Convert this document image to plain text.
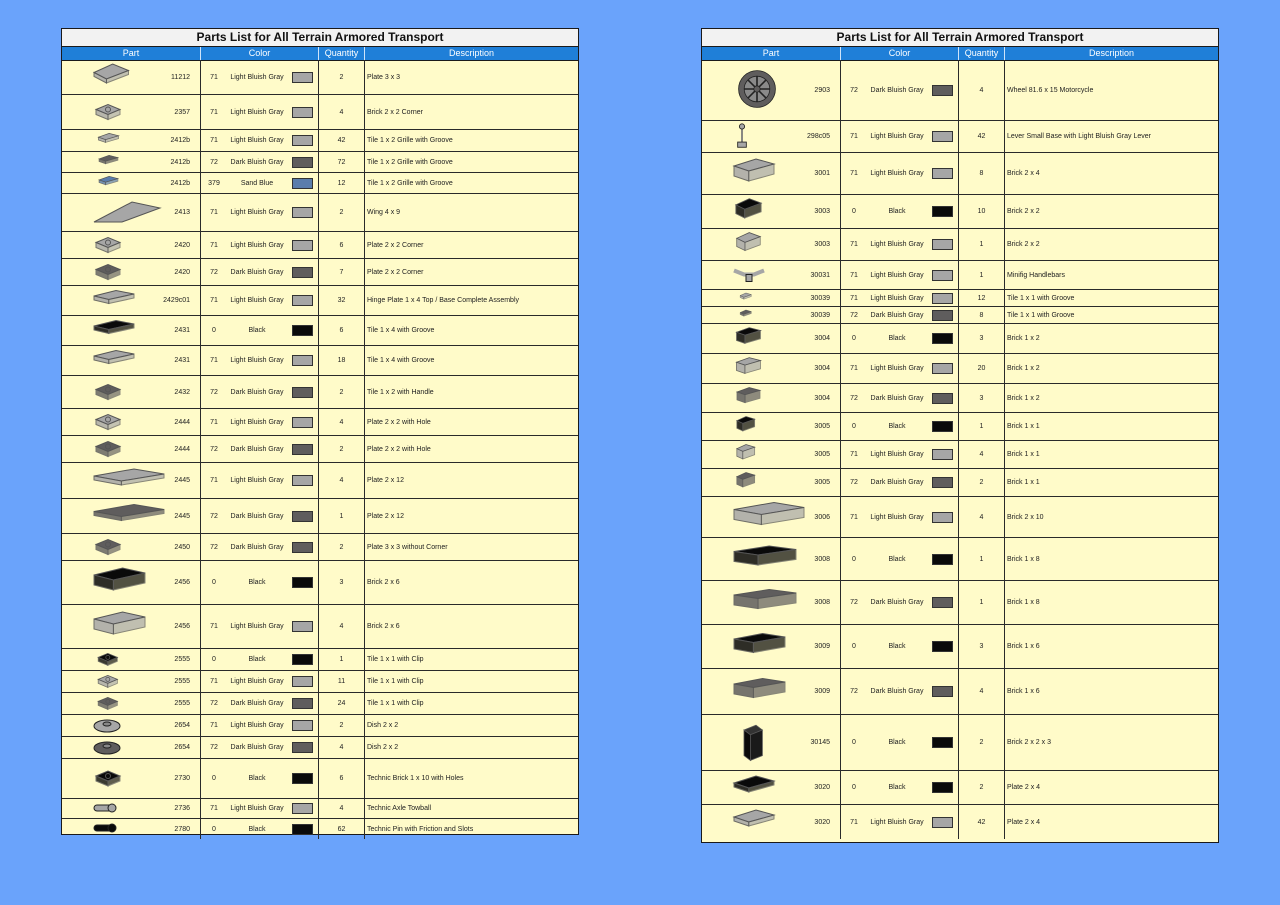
Parts List for All Terrain Armored Transport
Part	Color	Quantity	Description
11212	71	Light Bluish Gray	2	Plate 3 x 3
2357	71	Light Bluish Gray	4	Brick 2 x 2 Corner
2412b	71	Light Bluish Gray	42	Tile 1 x 2 Grille with Groove
2412b	72	Dark Bluish Gray	72	Tile 1 x 2 Grille with Groove
2412b	379	Sand Blue	12	Tile 1 x 2 Grille with Groove
2413	71	Light Bluish Gray	2	Wing 4 x 9
2420	71	Light Bluish Gray	6	Plate 2 x 2 Corner
2420	72	Dark Bluish Gray	7	Plate 2 x 2 Corner
2429c01	71	Light Bluish Gray	32	Hinge Plate 1 x 4 Top / Base Complete Assembly
2431	0	Black	6	Tile 1 x 4 with Groove
2431	71	Light Bluish Gray	18	Tile 1 x 4 with Groove
2432	72	Dark Bluish Gray	2	Tile 1 x 2 with Handle
2444	71	Light Bluish Gray	4	Plate 2 x 2 with Hole
2444	72	Dark Bluish Gray	2	Plate 2 x 2 with Hole
2445	71	Light Bluish Gray	4	Plate 2 x 12
2445	72	Dark Bluish Gray	1	Plate 2 x 12
2450	72	Dark Bluish Gray	2	Plate 3 x 3 without Corner
2456	0	Black	3	Brick 2 x 6
2456	71	Light Bluish Gray	4	Brick 2 x 6
2555	0	Black	1	Tile 1 x 1 with Clip
2555	71	Light Bluish Gray	11	Tile 1 x 1 with Clip
2555	72	Dark Bluish Gray	24	Tile 1 x 1 with Clip
2654	71	Light Bluish Gray	2	Dish 2 x 2
2654	72	Dark Bluish Gray	4	Dish 2 x 2
2730	0	Black	6	Technic Brick 1 x 10 with Holes
2736	71	Light Bluish Gray	4	Technic Axle Towball
2780	0	Black	62	Technic Pin with Friction and Slots
Parts List for All Terrain Armored Transport
Part	Color	Quantity	Description
2903	72	Dark Bluish Gray	4	Wheel 81.6 x 15 Motorcycle
298c05	71	Light Bluish Gray	42	Lever Small Base with Light Bluish Gray Lever
3001	71	Light Bluish Gray	8	Brick 2 x 4
3003	0	Black	10	Brick 2 x 2
3003	71	Light Bluish Gray	1	Brick 2 x 2
30031	71	Light Bluish Gray	1	Minifig Handlebars
30039	71	Light Bluish Gray	12	Tile 1 x 1 with Groove
30039	72	Dark Bluish Gray	8	Tile 1 x 1 with Groove
3004	0	Black	3	Brick 1 x 2
3004	71	Light Bluish Gray	20	Brick 1 x 2
3004	72	Dark Bluish Gray	3	Brick 1 x 2
3005	0	Black	1	Brick 1 x 1
3005	71	Light Bluish Gray	4	Brick 1 x 1
3005	72	Dark Bluish Gray	2	Brick 1 x 1
3006	71	Light Bluish Gray	4	Brick 2 x 10
3008	0	Black	1	Brick 1 x 8
3008	72	Dark Bluish Gray	1	Brick 1 x 8
3009	0	Black	3	Brick 1 x 6
3009	72	Dark Bluish Gray	4	Brick 1 x 6
30145	0	Black	2	Brick 2 x 2 x 3
3020	0	Black	2	Plate 2 x 4
3020	71	Light Bluish Gray	42	Plate 2 x 4
